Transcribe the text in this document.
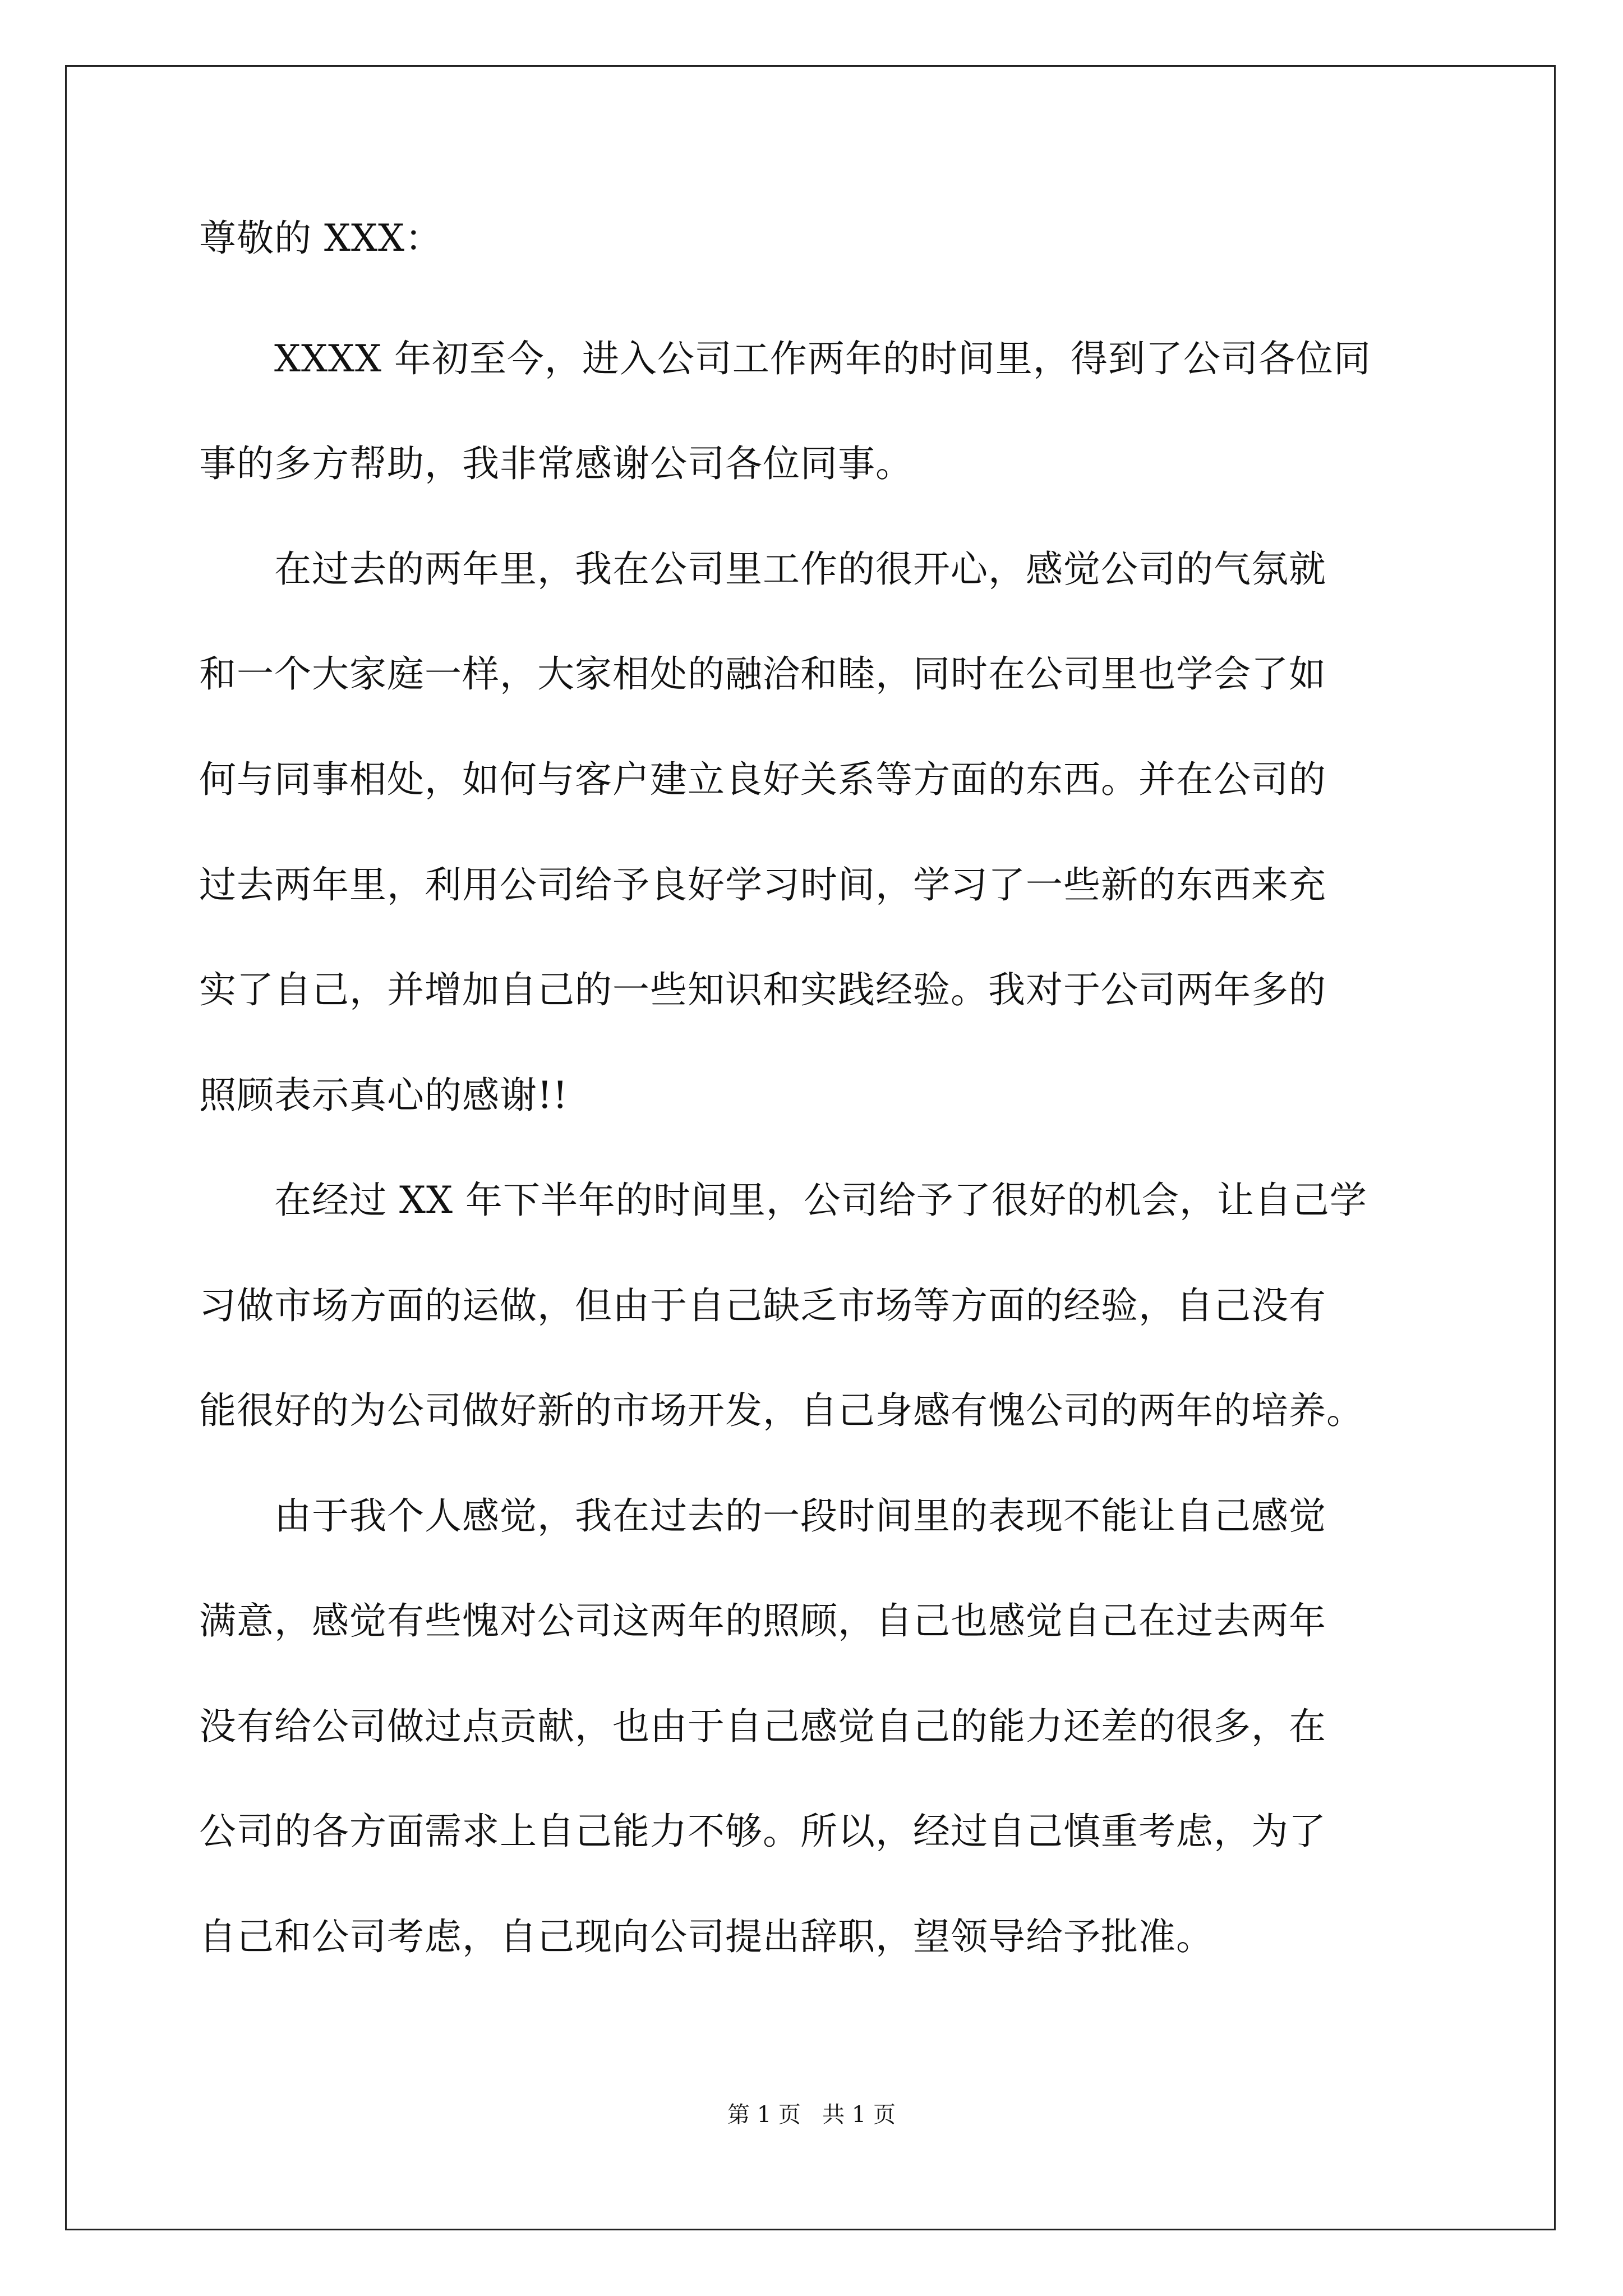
尊敬的 XXX：
　　XXXX 年初至今，进入公司工作两年的时间里，得到了公司各位同
事的多方帮助，我非常感谢公司各位同事。
　　在过去的两年里，我在公司里工作的很开心，感觉公司的气氛就
和一个大家庭一样，大家相处的融洽和睦，同时在公司里也学会了如
何与同事相处，如何与客户建立良好关系等方面的东西。并在公司的
过去两年里，利用公司给予良好学习时间，学习了一些新的东西来充
实了自己，并增加自己的一些知识和实践经验。我对于公司两年多的
照顾表示真心的感谢!!
　　在经过 XX 年下半年的时间里，公司给予了很好的机会，让自己学
习做市场方面的运做，但由于自己缺乏市场等方面的经验，自己没有
能很好的为公司做好新的市场开发，自己身感有愧公司的两年的培养。
　　由于我个人感觉，我在过去的一段时间里的表现不能让自己感觉
满意，感觉有些愧对公司这两年的照顾，自己也感觉自己在过去两年
没有给公司做过点贡献，也由于自己感觉自己的能力还差的很多，在
公司的各方面需求上自己能力不够。所以，经过自己慎重考虑，为了
自己和公司考虑，自己现向公司提出辞职，望领导给予批准。
第 1 页   共 1 页
